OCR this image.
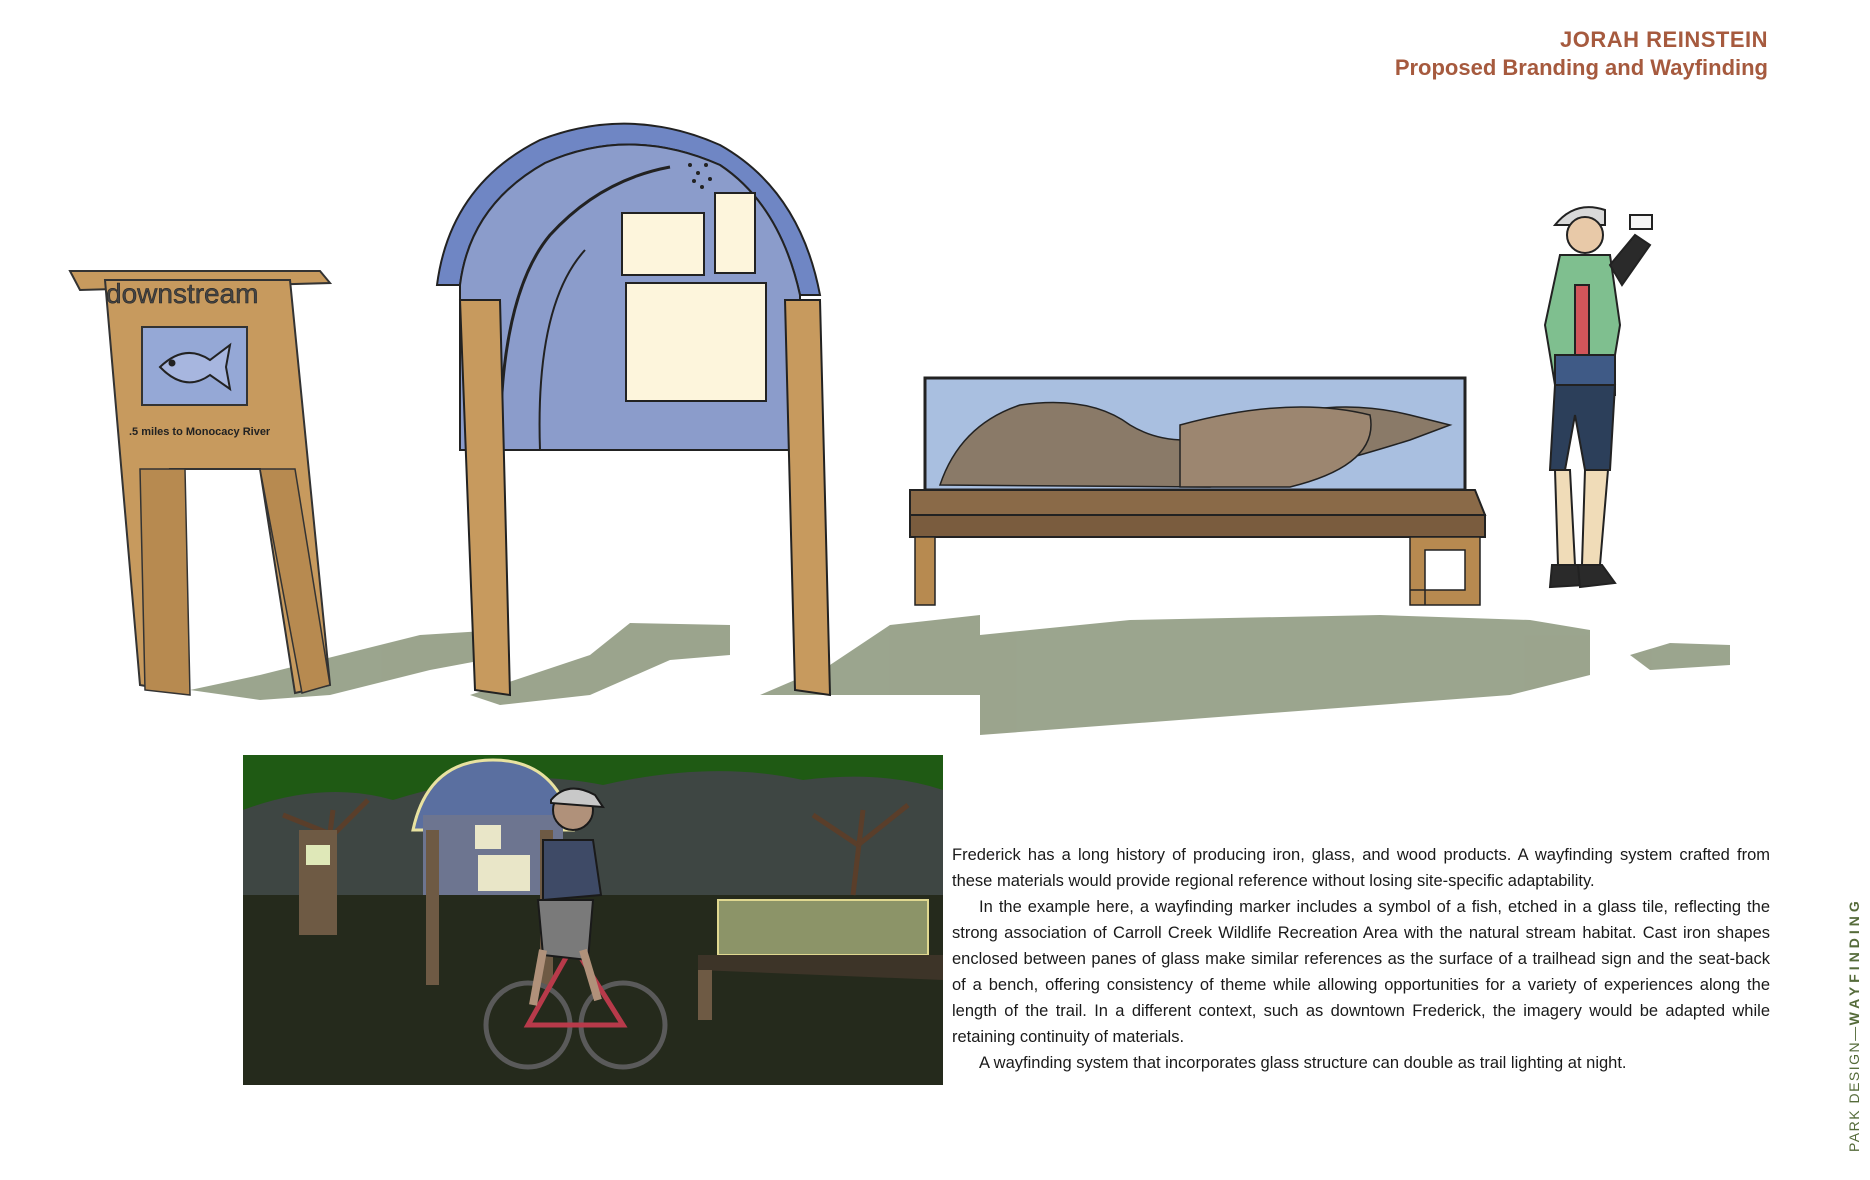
JORAH REINSTEIN
Proposed Branding and Wayfinding
downstream
.5 miles to Monocacy River

Frederick has a long history of producing iron, glass, and wood products. A wayfinding system crafted from these materials would provide regional reference without losing site-specific adaptability.

In the example here, a wayfinding marker includes a symbol of a fish, etched in a glass tile, reflecting the strong association of Carroll Creek Wildlife Recreation Area with the natural stream habitat. Cast iron shapes enclosed between panes of glass make similar references as the surface of a trailhead sign and the seat-back of a bench, offering consistency of theme while allowing opportunities for a variety of experiences along the length of the trail. In a different context, such as downtown Frederick, the imagery would be adapted while retaining continuity of materials.

A wayfinding system that incorporates glass structure can double as trail lighting at night.	PARK DESIGN—WAYFINDING
